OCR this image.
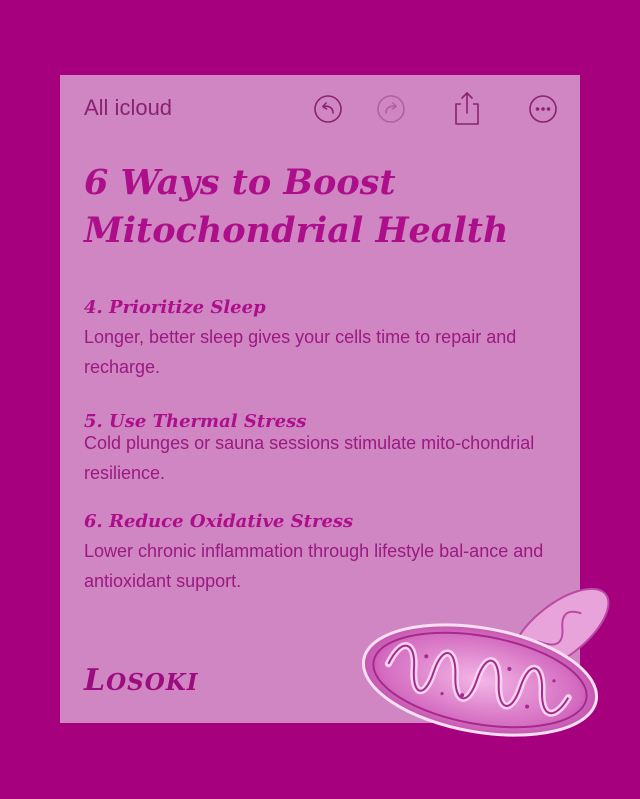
All icloud
6 Ways to Boost
Mitochondrial Health
4. Prioritize Sleep
Longer, better sleep gives your cells time to repair and recharge.
5. Use Thermal Stress
Cold plunges or sauna sessions stimulate mito-chondrial resilience.
6. Reduce Oxidative Stress
Lower chronic inflammation through lifestyle bal-ance and antioxidant support.
LOSOKI
